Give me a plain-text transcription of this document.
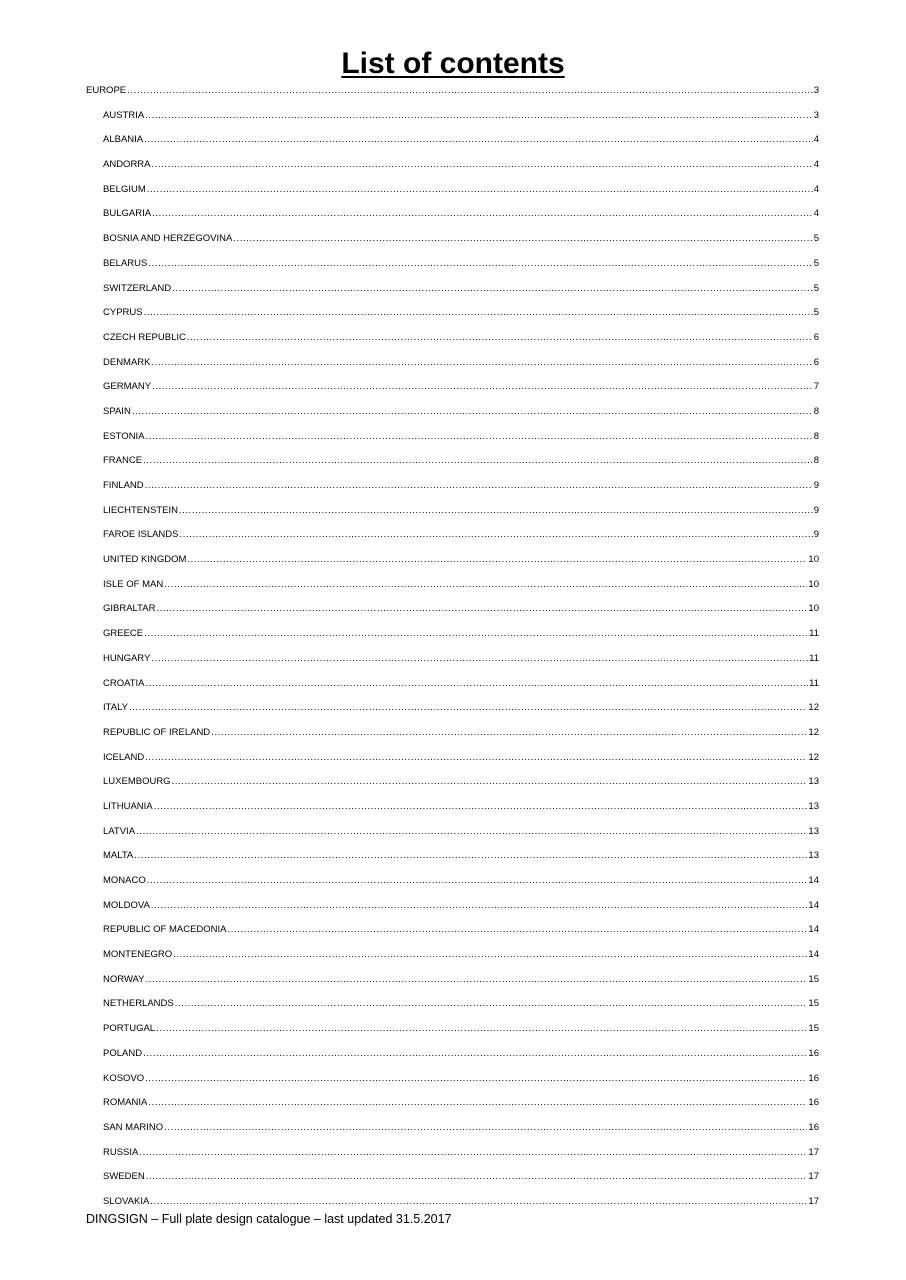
List of contents
EUROPE .....	3
AUSTRIA .....	3
ALBANIA .....	4
ANDORRA .....	4
BELGIUM .....	4
BULGARIA .....	4
BOSNIA AND HERZEGOVINA .....	5
BELARUS .....	5
SWITZERLAND .....	5
CYPRUS .....	5
CZECH REPUBLIC .....	6
DENMARK .....	6
GERMANY .....	7
SPAIN .....	8
ESTONIA .....	8
FRANCE .....	8
FINLAND .....	9
LIECHTENSTEIN .....	9
FAROE ISLANDS .....	9
UNITED KINGDOM .....	10
ISLE OF MAN .....	10
GIBRALTAR .....	10
GREECE .....	11
HUNGARY .....	11
CROATIA .....	11
ITALY .....	12
REPUBLIC OF IRELAND .....	12
ICELAND .....	12
LUXEMBOURG .....	13
LITHUANIA .....	13
LATVIA .....	13
MALTA .....	13
MONACO .....	14
MOLDOVA .....	14
REPUBLIC OF MACEDONIA .....	14
MONTENEGRO .....	14
NORWAY .....	15
NETHERLANDS .....	15
PORTUGAL .....	15
POLAND .....	16
KOSOVO .....	16
ROMANIA .....	16
SAN MARINO .....	16
RUSSIA .....	17
SWEDEN .....	17
SLOVAKIA .....	17
DINGSIGN – Full plate design catalogue – last updated 31.5.2017
